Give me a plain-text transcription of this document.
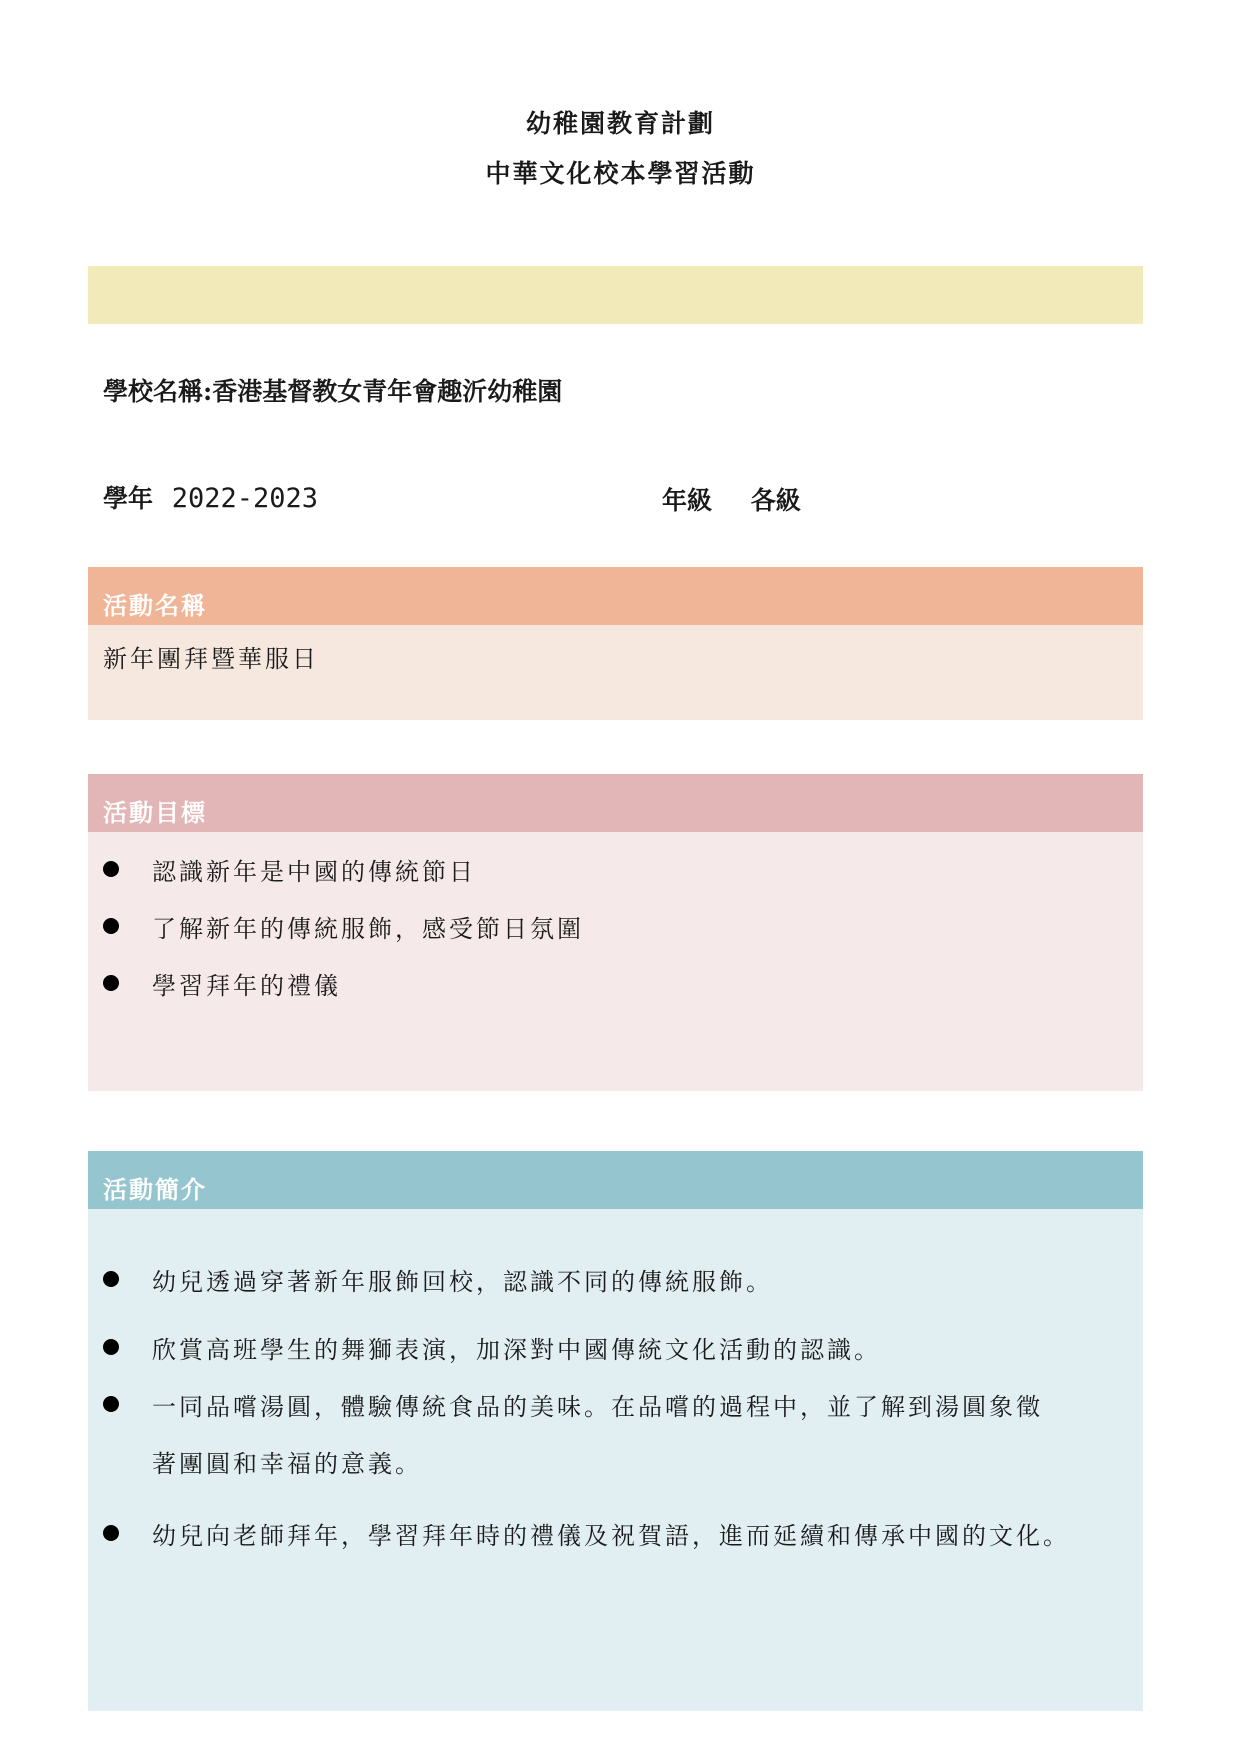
幼稚園教育計劃
中華文化校本學習活動
學校名稱:香港基督教女青年會趣沂幼稚園
學年 2022-2023	年級 各級
活動名稱
新年團拜暨華服日
活動目標
認識新年是中國的傳統節日
了解新年的傳統服飾，感受節日氛圍
學習拜年的禮儀
活動簡介
幼兒透過穿著新年服飾回校，認識不同的傳統服飾。
欣賞高班學生的舞獅表演，加深對中國傳統文化活動的認識。
一同品嚐湯圓，體驗傳統食品的美味。在品嚐的過程中，並了解到湯圓象徵
著團圓和幸福的意義。
幼兒向老師拜年，學習拜年時的禮儀及祝賀語，進而延續和傳承中國的文化。
